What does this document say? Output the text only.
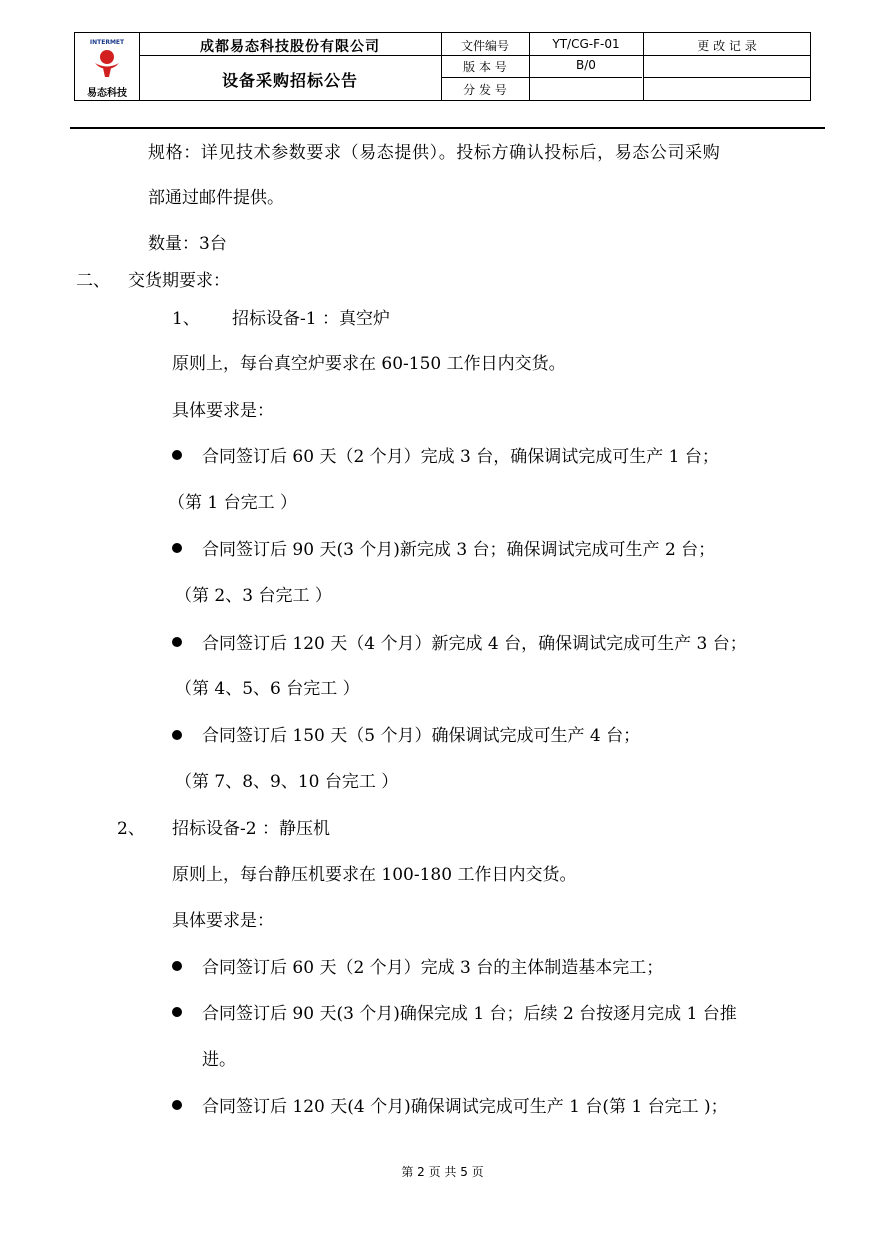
INTERMET
易态科技
成都易态科技股份有限公司
设备采购招标公告
文件编号
版 本 号
分 发 号
YT/CG-F-01
B/0
更 改 记 录
规格：详见技术参数要求（易态提供）。投标方确认投标后，易态公司采购
部通过邮件提供。
数量：3台
二、 交货期要求：
1、 招标设备-1 ：真空炉
原则上，每台真空炉要求在 60-150 工作日内交货。
具体要求是：
合同签订后 60 天（2 个月）完成 3 台，确保调试完成可生产 1 台；
（第 1 台完工 ）
合同签订后 90 天(3 个月)新完成 3 台；确保调试完成可生产 2 台；
（第 2、3 台完工 ）
合同签订后 120 天（4 个月）新完成 4 台，确保调试完成可生产 3 台；
（第 4、5、6 台完工 ）
合同签订后 150 天（5 个月）确保调试完成可生产 4 台；
（第 7、8、9、10 台完工 ）
2、 招标设备-2 ：静压机
原则上，每台静压机要求在 100-180 工作日内交货。
具体要求是：
合同签订后 60 天（2 个月）完成 3 台的主体制造基本完工；
合同签订后 90 天(3 个月)确保完成 1 台；后续 2 台按逐月完成 1 台推
进。
合同签订后 120 天(4 个月)确保调试完成可生产 1 台(第 1 台完工 )；
第 2 页 共 5 页
